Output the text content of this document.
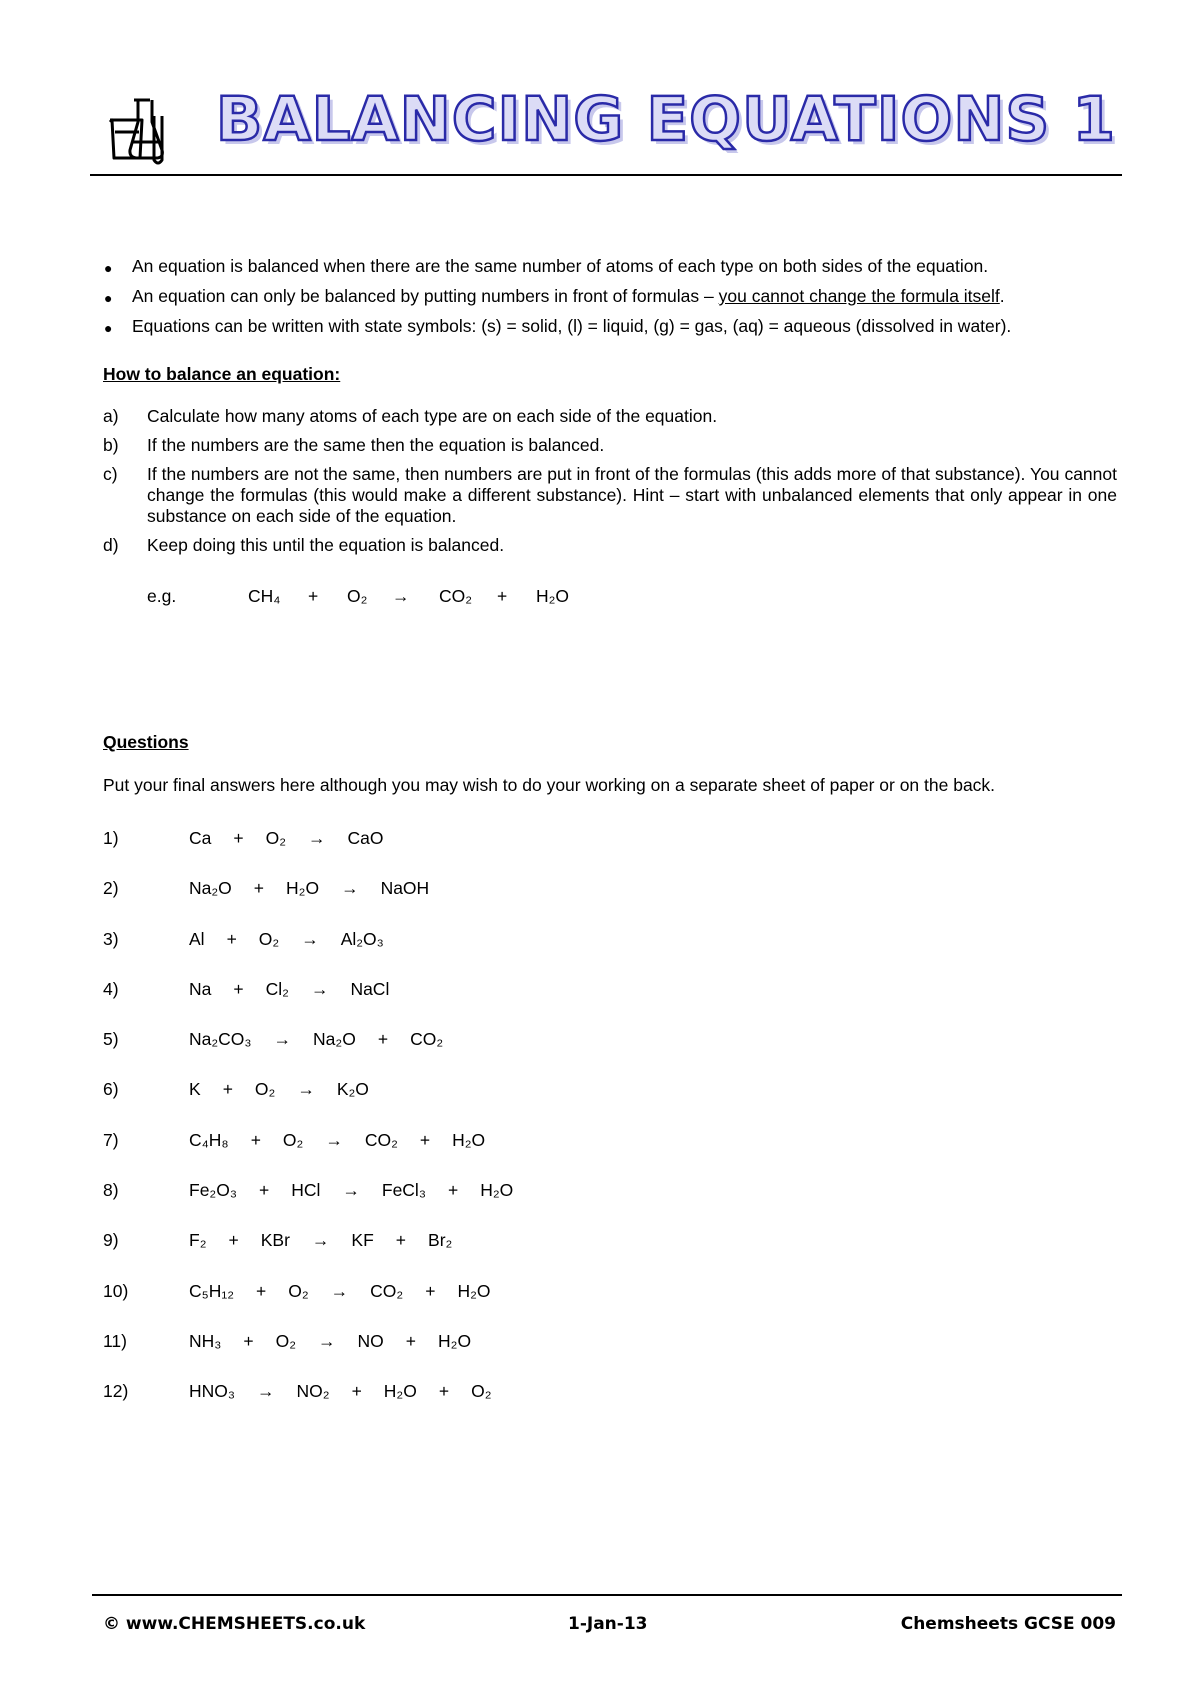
BALANCING EQUATIONS 1
● An equation is balanced when there are the same number of atoms of each type on both sides of the equation.
● An equation can only be balanced by putting numbers in front of formulas – you cannot change the formula itself.
● Equations can be written with state symbols: (s) = solid, (l) = liquid, (g) = gas, (aq) = aqueous (dissolved in water).
How to balance an equation:
a) Calculate how many atoms of each type are on each side of the equation.
b) If the numbers are the same then the equation is balanced.
c) If the numbers are not the same, then numbers are put in front of the formulas (this adds more of that substance). You cannot change the formulas (this would make a different substance). Hint – start with unbalanced elements that only appear in one substance on each side of the equation.
d) Keep doing this until the equation is balanced.
e.g.	CH₄ + O₂ → CO₂ + H₂O
Questions

Put your final answers here although you may wish to do your working on a separate sheet of paper or on the back.

1)	Ca + O₂ → CaO
2)	Na₂O + H₂O → NaOH
3)	Al + O₂ → Al₂O₃
4)	Na + Cl₂ → NaCl
5)	Na₂CO₃ → Na₂O + CO₂
6)	K + O₂ → K₂O
7)	C₄H₈ + O₂ → CO₂ + H₂O
8)	Fe₂O₃ + HCl → FeCl₃ + H₂O
9)	F₂ + KBr → KF + Br₂
10)	C₅H₁₂ + O₂ → CO₂ + H₂O
11)	NH₃ + O₂ → NO + H₂O
12)	HNO₃ → NO₂ + H₂O + O₂
© www.CHEMSHEETS.co.uk	1-Jan-13	Chemsheets GCSE 009
